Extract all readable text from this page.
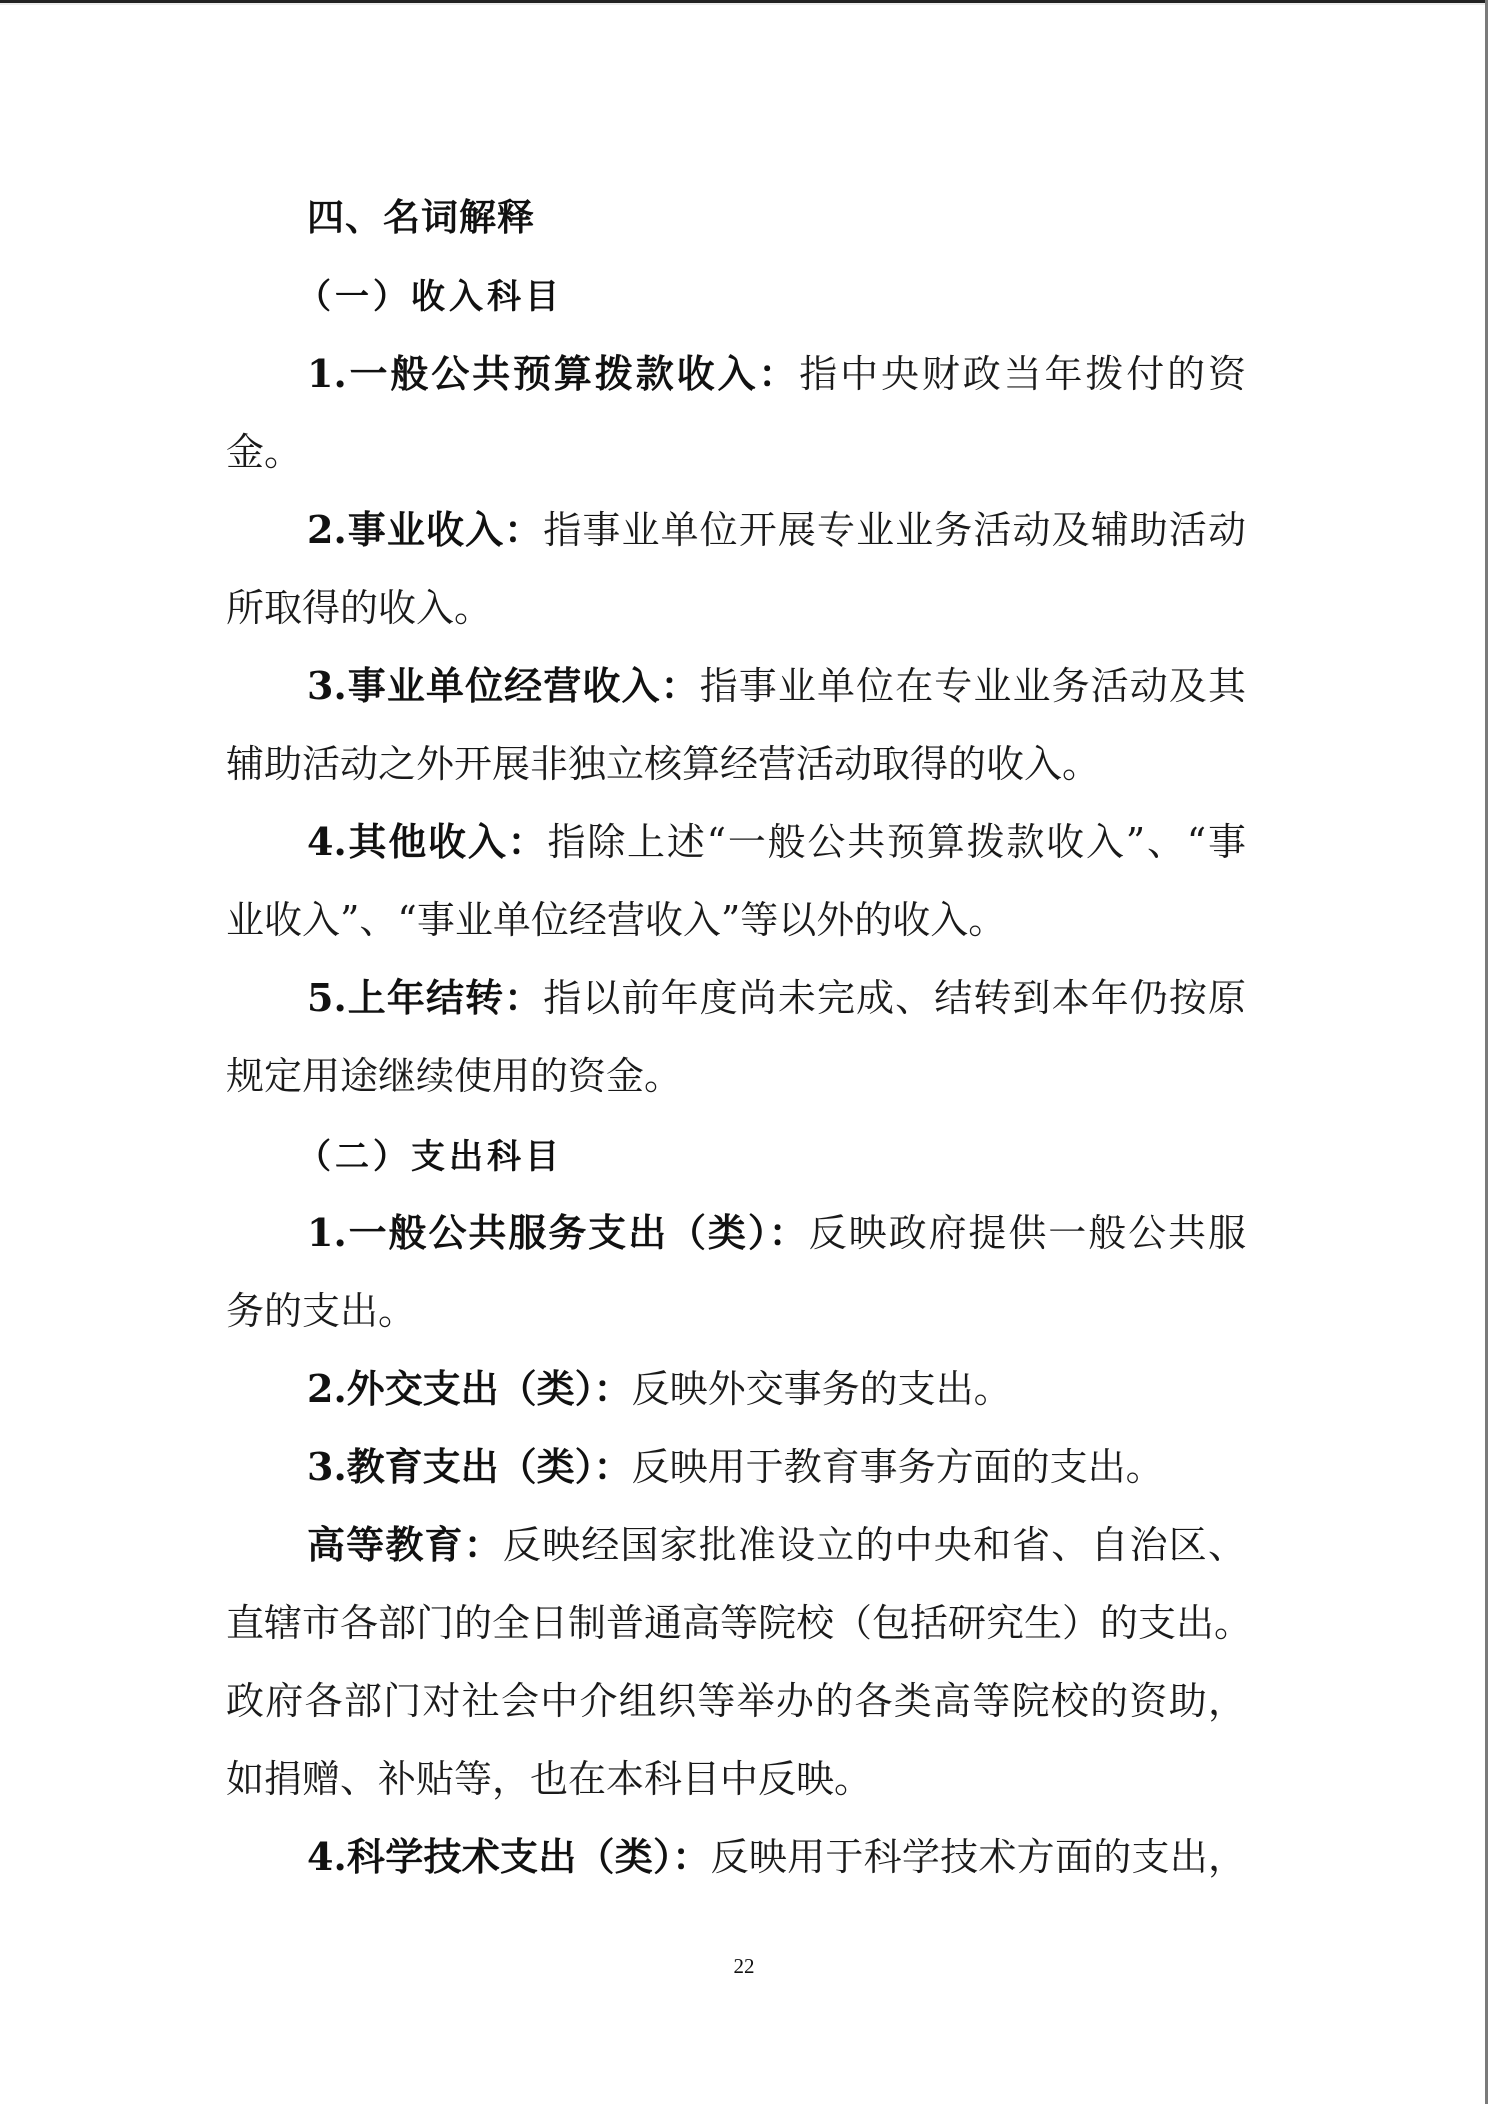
四、名词解释
（一）收入科目
1.一般公共预算拨款收入：指中央财政当年拨付的资
金。
2.事业收入：指事业单位开展专业业务活动及辅助活动
所取得的收入。
3.事业单位经营收入：指事业单位在专业业务活动及其
辅助活动之外开展非独立核算经营活动取得的收入。
4.其他收入：指除上述“一般公共预算拨款收入”、“事
业收入”、“事业单位经营收入”等以外的收入。
5.上年结转：指以前年度尚未完成、结转到本年仍按原
规定用途继续使用的资金。
（二）支出科目
1.一般公共服务支出（类）：反映政府提供一般公共服
务的支出。
2.外交支出（类）：反映外交事务的支出。
3.教育支出（类）：反映用于教育事务方面的支出。
高等教育：反映经国家批准设立的中央和省、自治区、
直辖市各部门的全日制普通高等院校（包括研究生）的支出。
政府各部门对社会中介组织等举办的各类高等院校的资助，
如捐赠、补贴等，也在本科目中反映。
4.科学技术支出（类）：反映用于科学技术方面的支出，
22
